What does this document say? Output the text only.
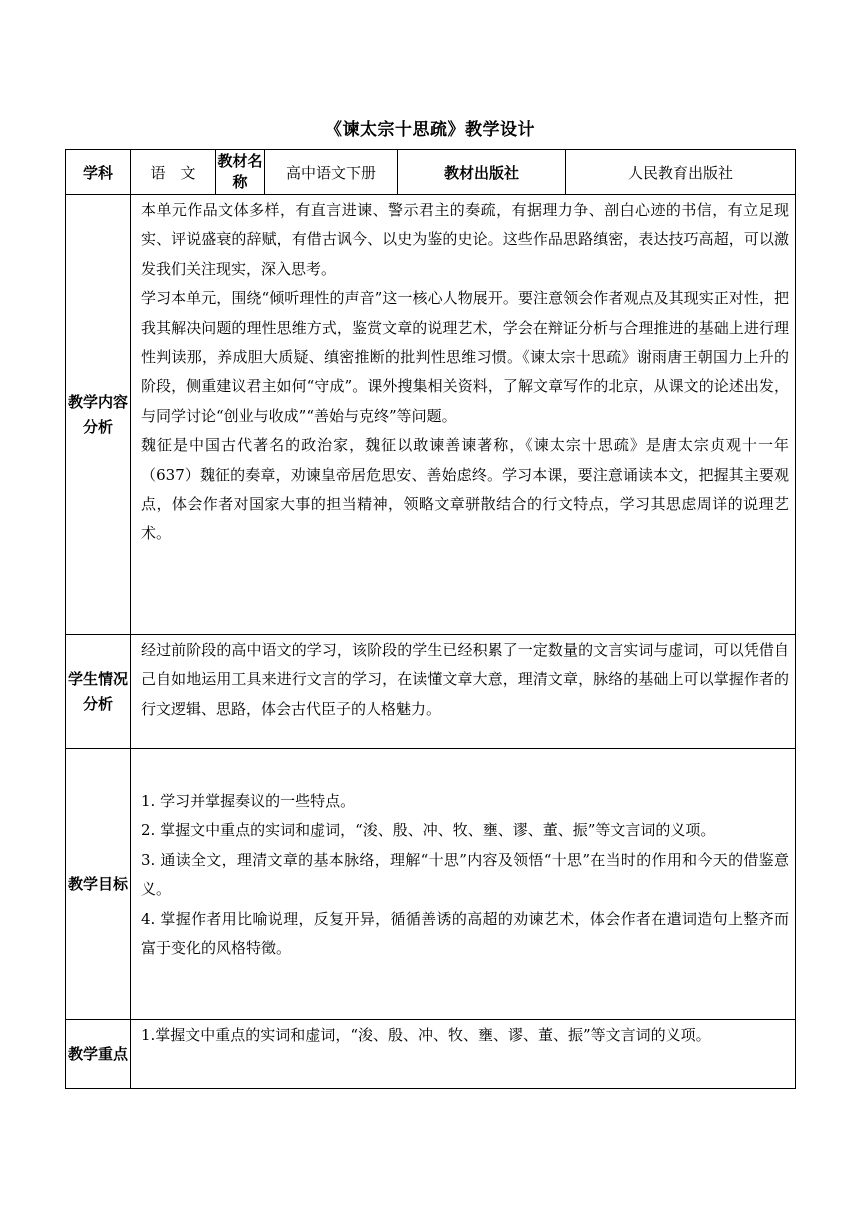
《谏太宗十思疏》教学设计
学科	语　文	教材名称	高中语文下册	教材出版社	人民教育出版社
教学内容分析	本单元作品文体多样，有直言进谏、警示君主的奏疏，有据理力争、剖白心迹的书信，有立足现实、评说盛衰的辞赋，有借古讽今、以史为鉴的史论。这些作品思路缜密，表达技巧高超，可以激发我们关注现实，深入思考。

学习本单元，围绕“倾听理性的声音”这一核心人物展开。要注意领会作者观点及其现实正对性，把我其解决问题的理性思维方式，鉴赏文章的说理艺术，学会在辩证分析与合理推进的基础上进行理性判读那，养成胆大质疑、缜密推断的批判性思维习惯。《谏太宗十思疏》谢雨唐王朝国力上升的阶段，侧重建议君主如何“守成”。课外搜集相关资料，了解文章写作的北京，从课文的论述出发，与同学讨论“创业与收成”“善始与克终”等问题。

魏征是中国古代著名的政治家，魏征以敢谏善谏著称，《谏太宗十思疏》是唐太宗贞观十一年（637）魏征的奏章，劝谏皇帝居危思安、善始虑终。学习本课，要注意诵读本文，把握其主要观点，体会作者对国家大事的担当精神，领略文章骈散结合的行文特点，学习其思虑周详的说理艺术。				

学生情况分析	经过前阶段的高中语文的学习，该阶段的学生已经积累了一定数量的文言实词与虚词，可以凭借自己自如地运用工具来进行文言的学习，在读懂文章大意，理清文章，脉络的基础上可以掌握作者的行文逻辑、思路，体会古代臣子的人格魅力。				

教学目标	1. 学习并掌握奏议的一些特点。

2. 掌握文中重点的实词和虚词，“浚、殷、冲、牧、壅、谬、董、振”等文言词的义项。

3. 通读全文，理清文章的基本脉络，理解“十思”内容及领悟“十思”在当时的作用和今天的借鉴意义。

4. 掌握作者用比喻说理，反复开异，循循善诱的高超的劝谏艺术，体会作者在遣词造句上整齐而富于变化的风格特徵。				

教学重点	1.掌握文中重点的实词和虚词，“浚、殷、冲、牧、壅、谬、董、振”等文言词的义项。				
